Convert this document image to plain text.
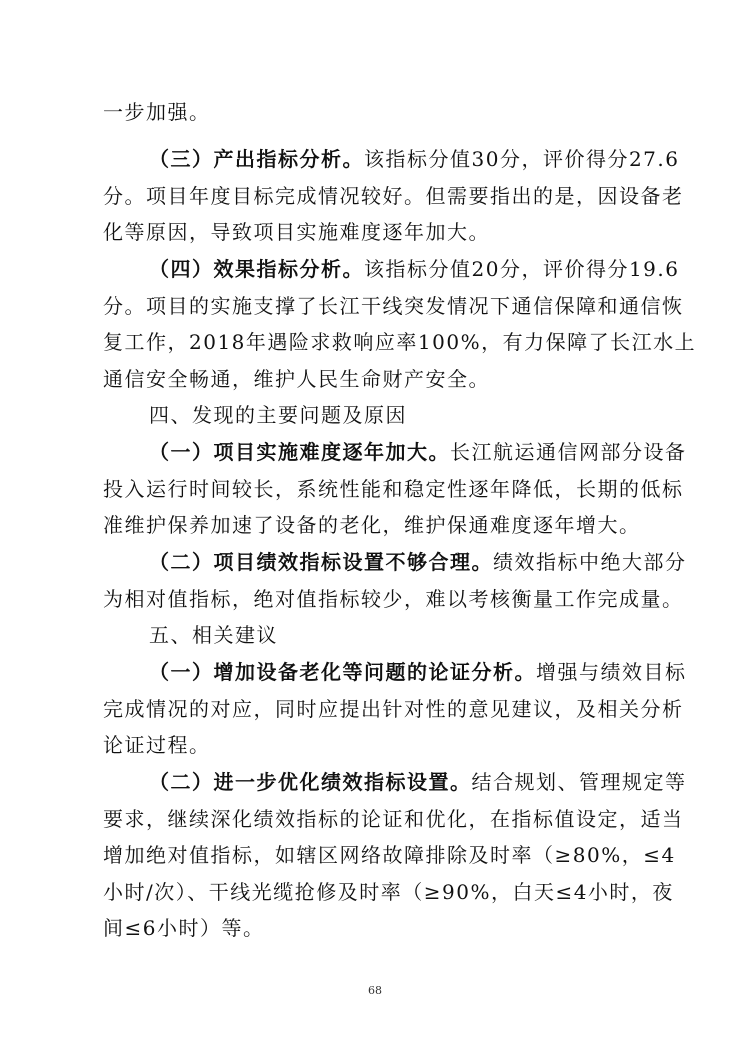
一步加强。
（三）产出指标分析。该指标分值30分，评价得分27.6
分。项目年度目标完成情况较好。但需要指出的是，因设备老
化等原因，导致项目实施难度逐年加大。
（四）效果指标分析。该指标分值20分，评价得分19.6
分。项目的实施支撑了长江干线突发情况下通信保障和通信恢
复工作，2018年遇险求救响应率100%，有力保障了长江水上
通信安全畅通，维护人民生命财产安全。
四、发现的主要问题及原因
（一）项目实施难度逐年加大。长江航运通信网部分设备
投入运行时间较长，系统性能和稳定性逐年降低，长期的低标
准维护保养加速了设备的老化，维护保通难度逐年增大。
（二）项目绩效指标设置不够合理。绩效指标中绝大部分
为相对值指标，绝对值指标较少，难以考核衡量工作完成量。
五、相关建议
（一）增加设备老化等问题的论证分析。增强与绩效目标
完成情况的对应，同时应提出针对性的意见建议，及相关分析
论证过程。
（二）进一步优化绩效指标设置。结合规划、管理规定等
要求，继续深化绩效指标的论证和优化，在指标值设定，适当
增加绝对值指标，如辖区网络故障排除及时率（≥80%，≤4
小时/次）、干线光缆抢修及时率（≥90%，白天≤4小时，夜
间≤6小时）等。
68
